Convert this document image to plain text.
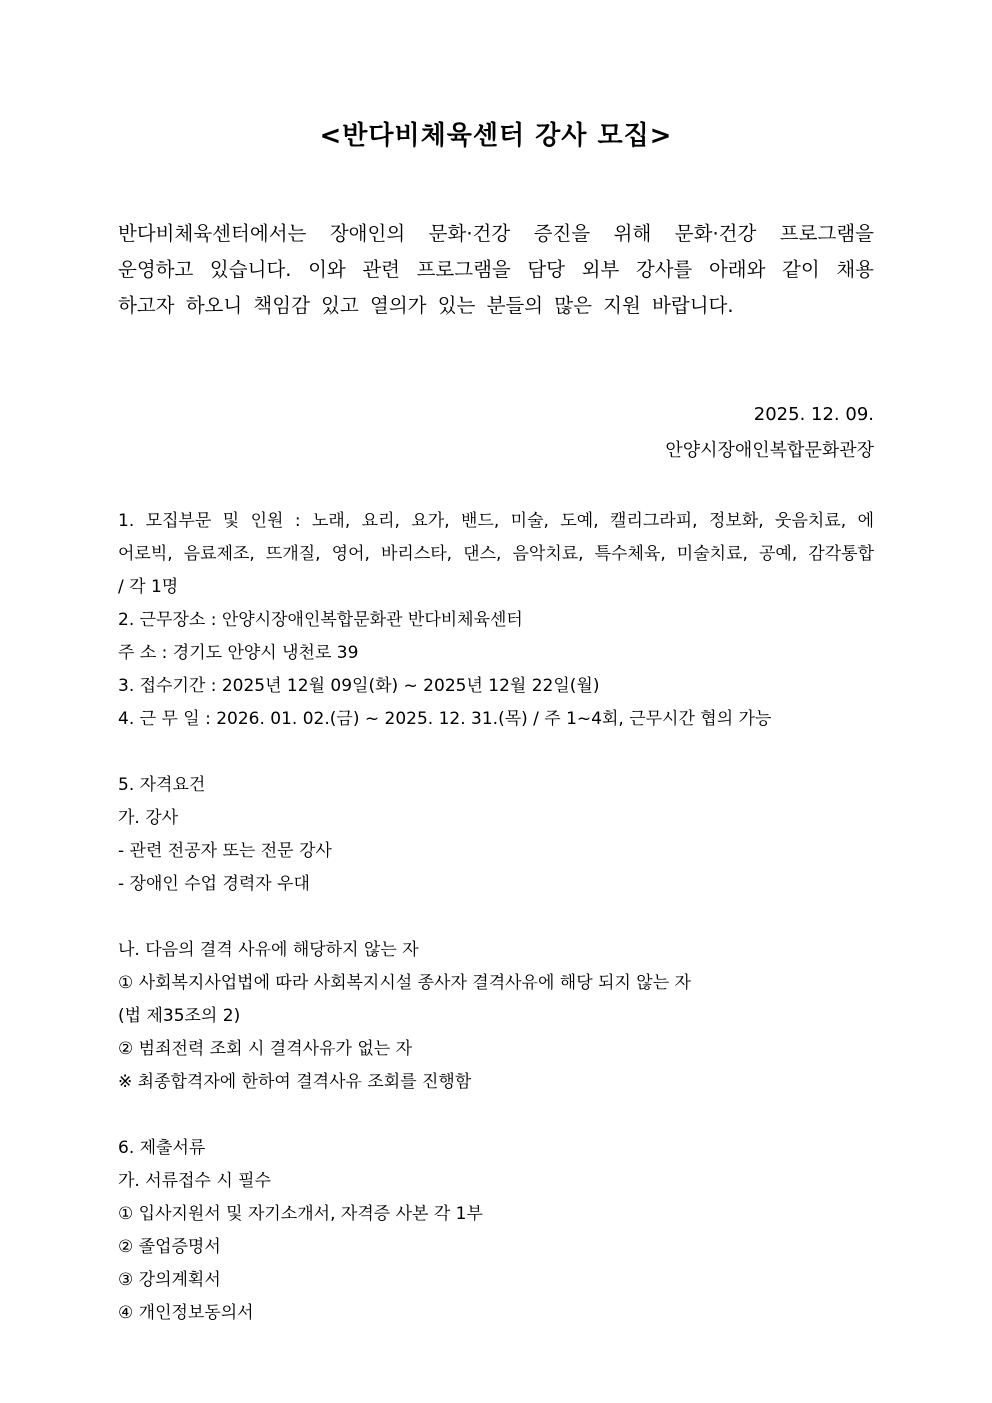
<반다비체육센터 강사 모집>
반다비체육센터에서는 장애인의 문화·건강 증진을 위해 문화·건강 프로그램을
운영하고 있습니다. 이와 관련 프로그램을 담당 외부 강사를 아래와 같이 채용
하고자 하오니 책임감 있고 열의가 있는 분들의 많은 지원 바랍니다.
2025. 12. 09.
안양시장애인복합문화관장
1. 모집부문 및 인원 : 노래, 요리, 요가, 밴드, 미술, 도예, 캘리그라피, 정보화, 웃음치료, 에
어로빅, 음료제조, 뜨개질, 영어, 바리스타, 댄스, 음악치료, 특수체육, 미술치료, 공예, 감각통합
/ 각 1명
2. 근무장소 : 안양시장애인복합문화관 반다비체육센터
주 소 : 경기도 안양시 냉천로 39
3. 접수기간 : 2025년 12월 09일(화) ~ 2025년 12월 22일(월)
4. 근 무 일 : 2026. 01. 02.(금) ~ 2025. 12. 31.(목) / 주 1~4회, 근무시간 협의 가능
5. 자격요건
가. 강사
- 관련 전공자 또는 전문 강사
- 장애인 수업 경력자 우대
나. 다음의 결격 사유에 해당하지 않는 자
① 사회복지사업법에 따라 사회복지시설 종사자 결격사유에 해당 되지 않는 자
(법 제35조의 2)
② 범죄전력 조회 시 결격사유가 없는 자
※ 최종합격자에 한하여 결격사유 조회를 진행함
6. 제출서류
가. 서류접수 시 필수
① 입사지원서 및 자기소개서, 자격증 사본 각 1부
② 졸업증명서
③ 강의계획서
④ 개인정보동의서
